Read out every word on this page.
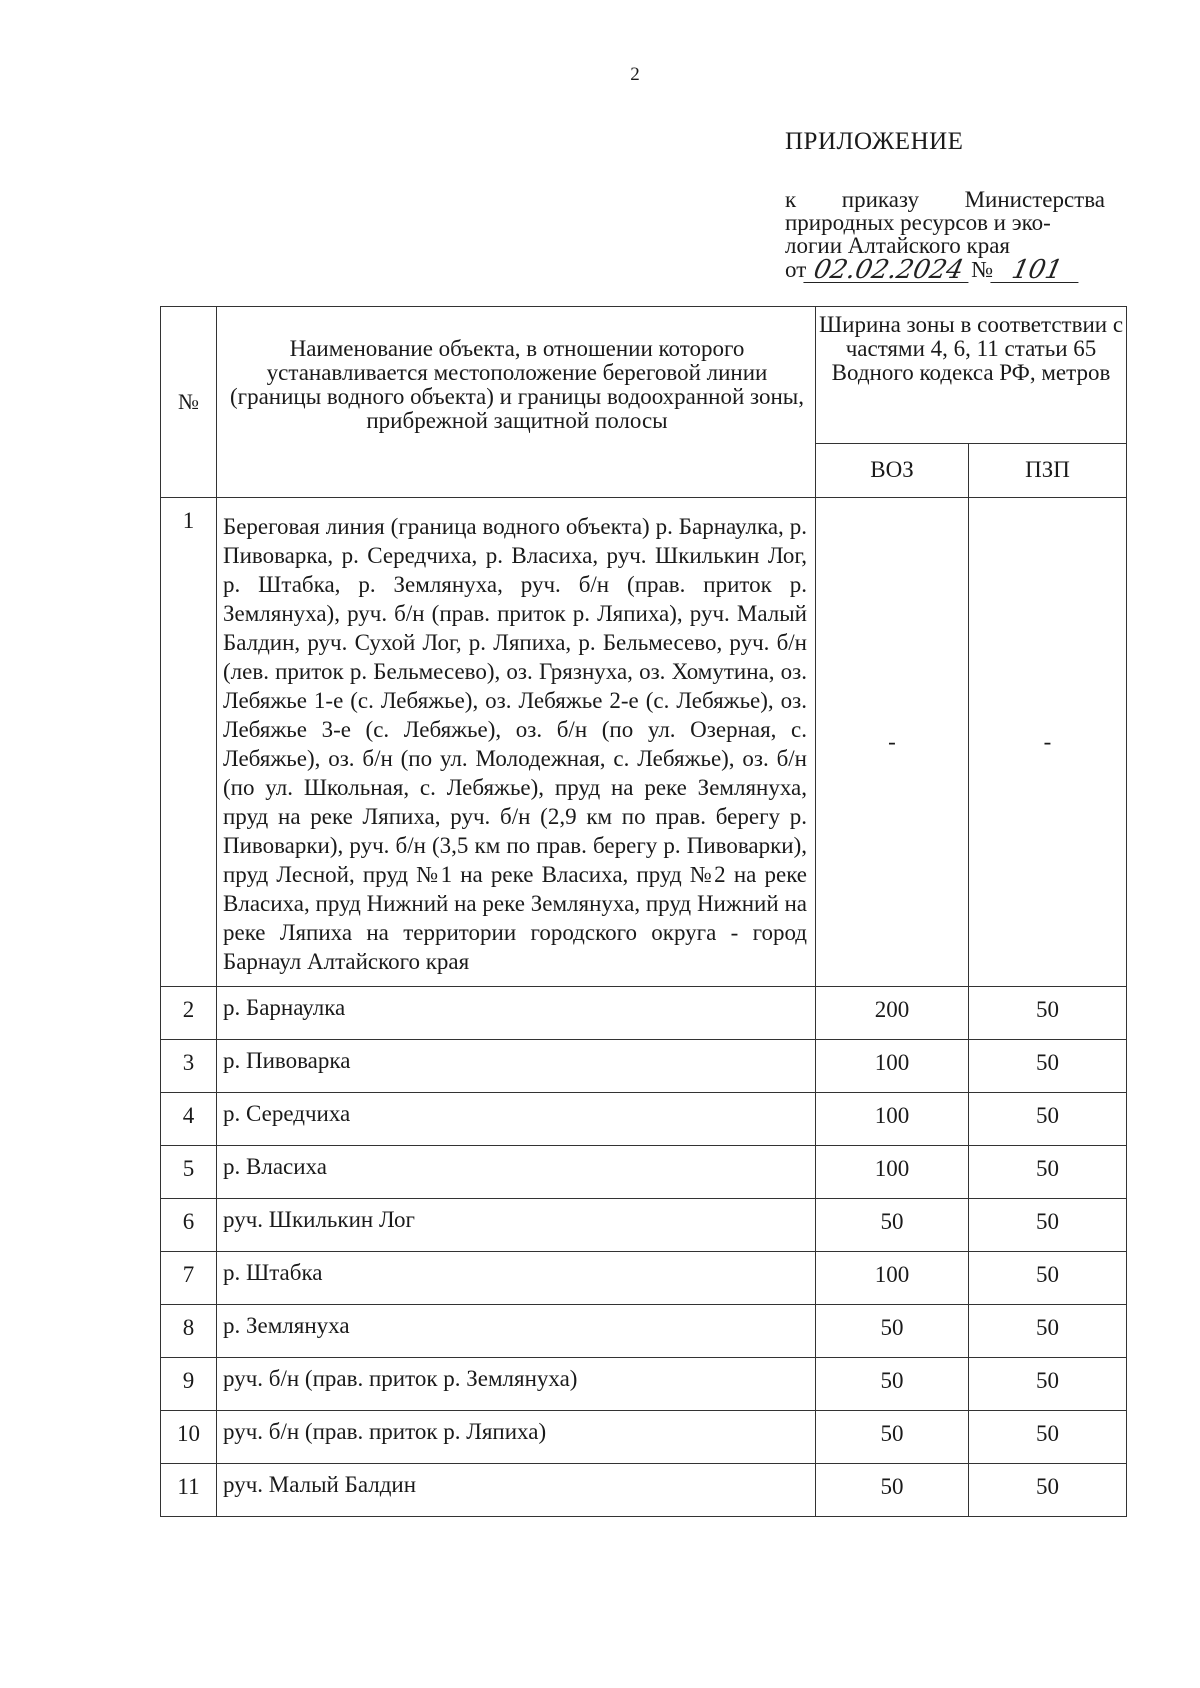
2
ПРИЛОЖЕНИЕ
к приказу Министерства
природных ресурсов и эко-
логии Алтайского края
от 02.02.2024 № 101
№	Наименование объекта, в отношении которого устанавливается местоположение береговой линии (границы водного объекта) и границы водоохранной зоны, прибрежной защитной полосы	Ширина зоны в соответствии с частями 4, 6, 11 статьи 65 Водного кодекса РФ, метров	
		ВОЗ	ПЗП
1	Береговая линия (граница водного объекта) р. Барнаулка, р. Пивоварка, р. Середчиха, р. Власиха, руч. Шкилькин Лог, р. Штабка, р. Землянуха, руч. б/н (прав. приток р. Землянуха), руч. б/н (прав. приток р. Ляпиха), руч. Малый Балдин, руч. Сухой Лог, р. Ляпиха, р. Бельмесево, руч. б/н (лев. приток р. Бельмесево), оз. Грязнуха, оз. Хомутина, оз. Лебяжье 1-е (с. Лебяжье), оз. Лебяжье 2-е (с. Лебяжье), оз. Лебяжье 3-е (с. Лебяжье), оз. б/н (по ул. Озерная, с. Лебяжье), оз. б/н (по ул. Молодежная, с. Лебяжье), оз. б/н (по ул. Школьная, с. Лебяжье), пруд на реке Землянуха, пруд на реке Ляпиха, руч. б/н (2,9 км по прав. берегу р. Пивоварки), руч. б/н (3,5 км по прав. берегу р. Пивоварки), пруд Лесной, пруд №1 на реке Власиха, пруд №2 на реке Власиха, пруд Нижний на реке Землянуха, пруд Нижний на реке Ляпиха на территории городского округа - город Барнаул Алтайского края	-	-
2	р. Барнаулка	200	50
3	р. Пивоварка	100	50
4	р. Середчиха	100	50
5	р. Власиха	100	50
6	руч. Шкилькин Лог	50	50
7	р. Штабка	100	50
8	р. Землянуха	50	50
9	руч. б/н (прав. приток р. Землянуха)	50	50
10	руч. б/н (прав. приток р. Ляпиха)	50	50
11	руч. Малый Балдин	50	50
